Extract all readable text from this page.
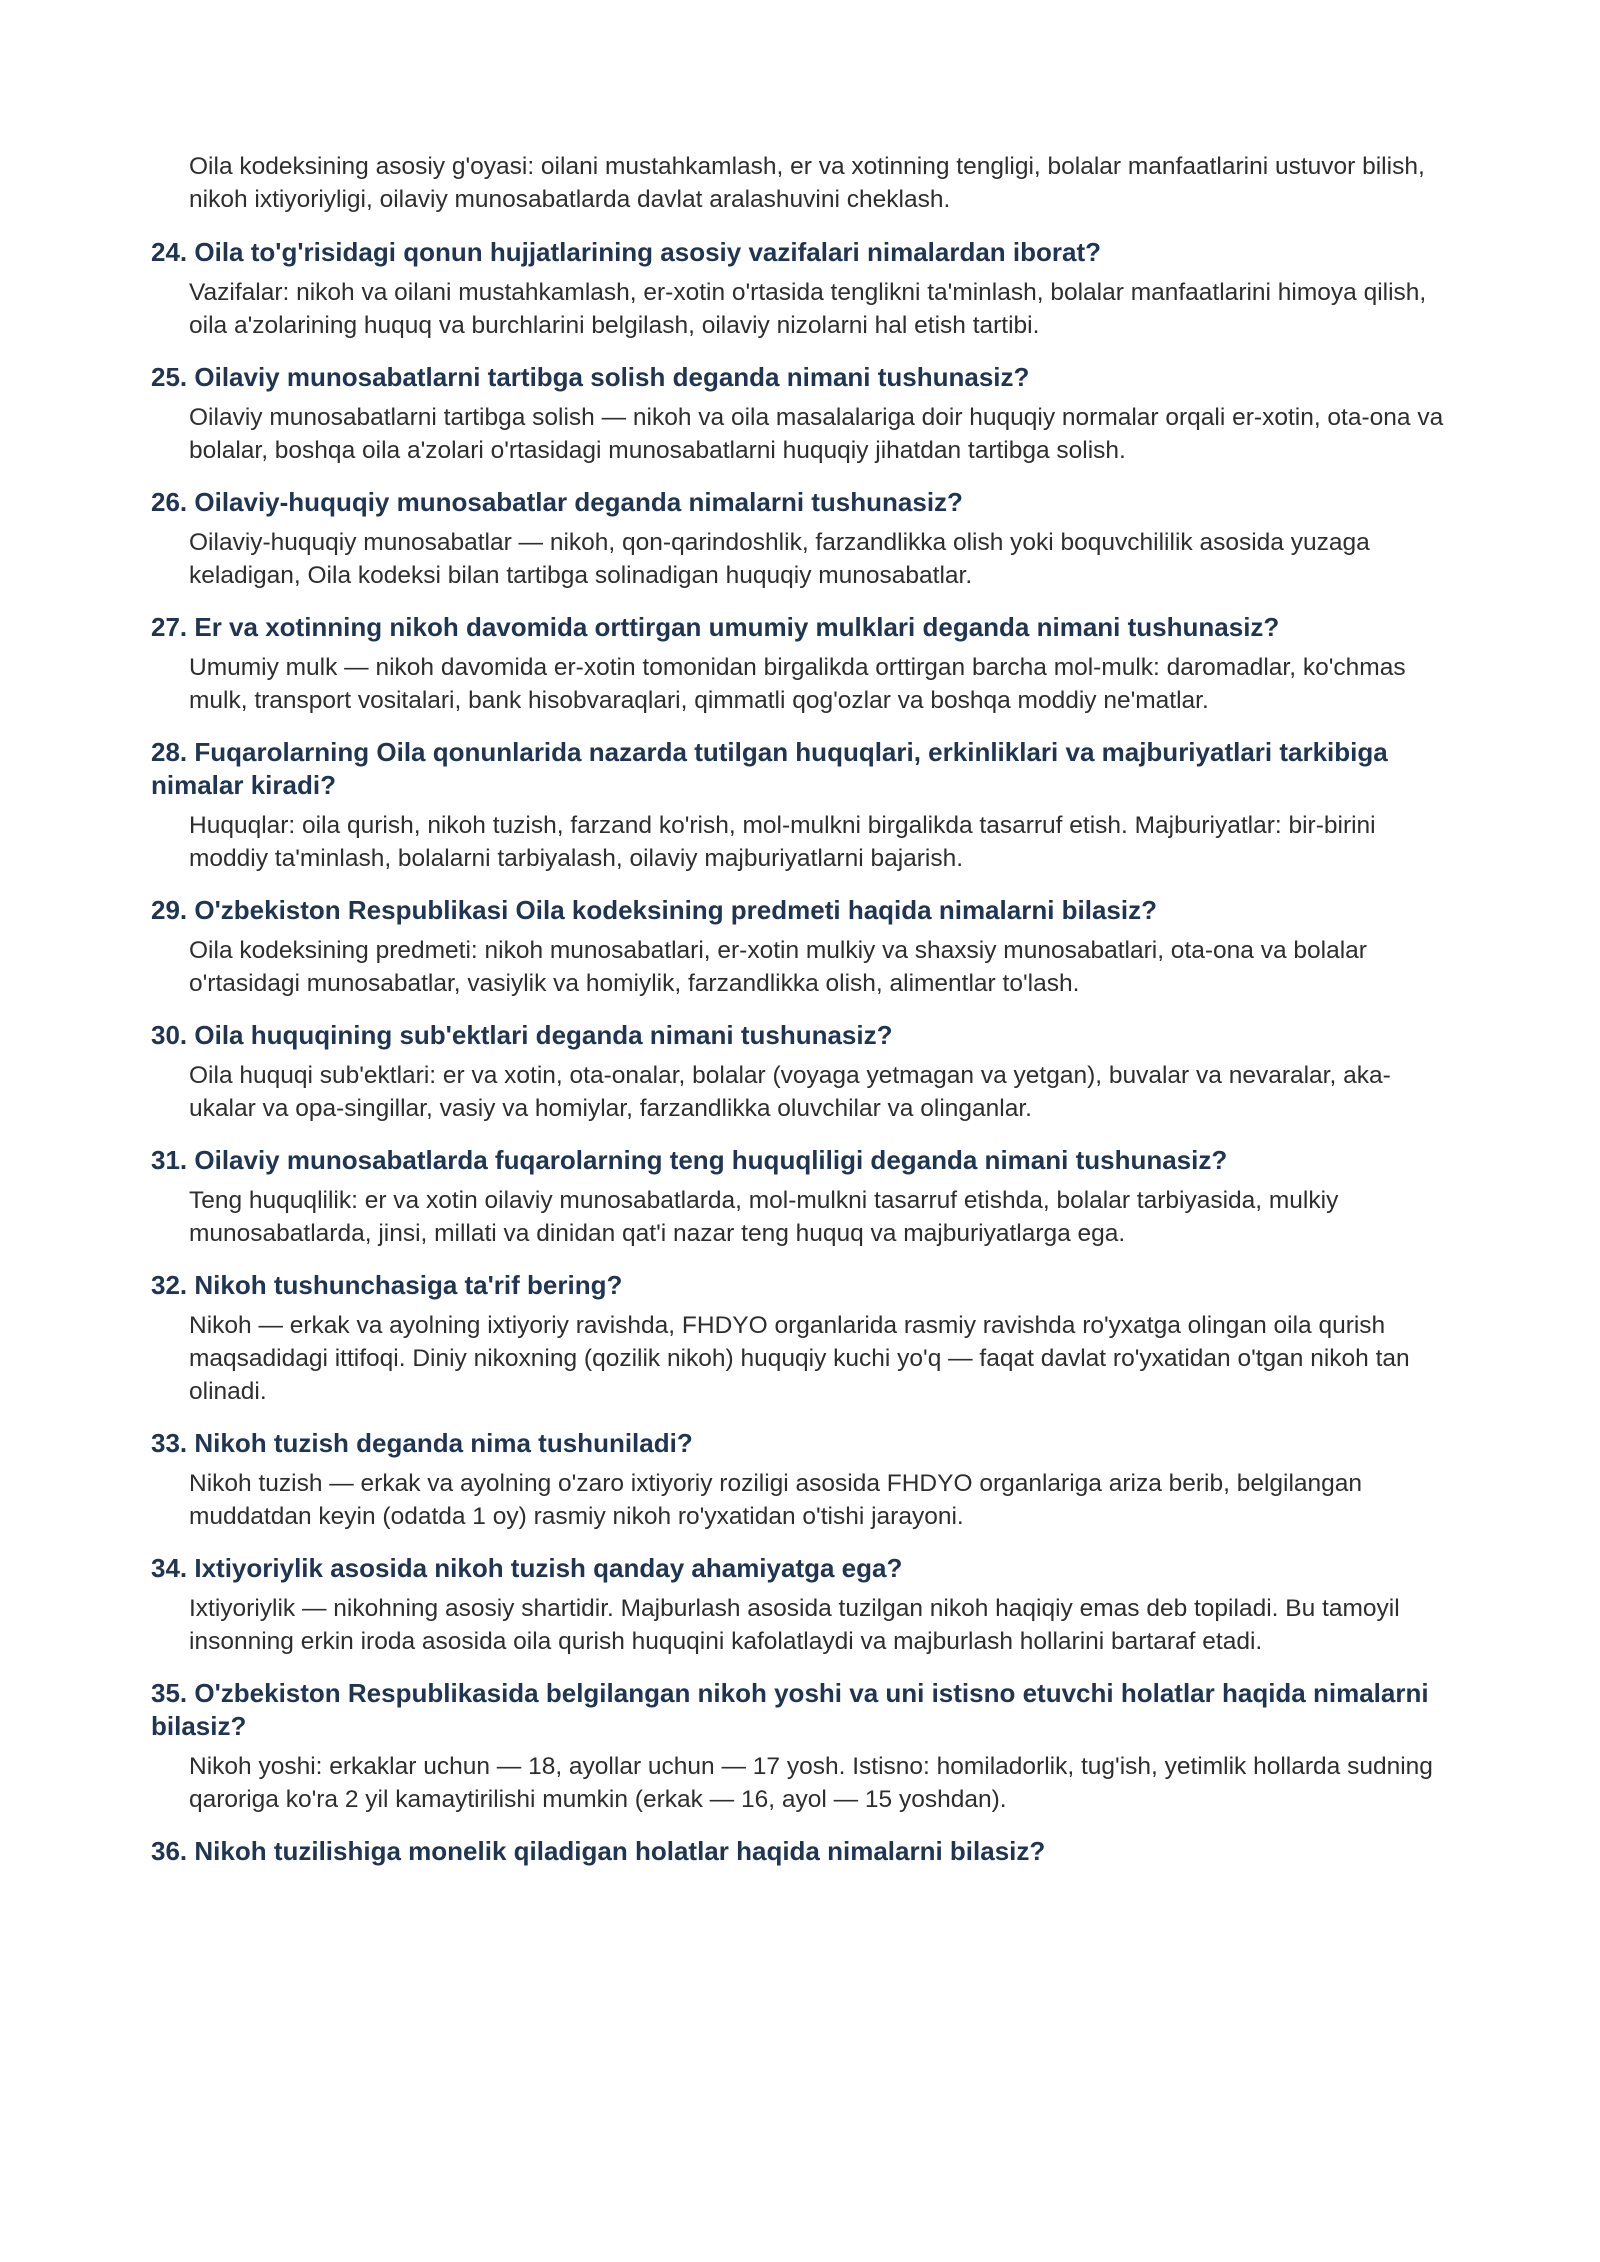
Oila kodeksining asosiy g'oyasi: oilani mustahkamlash, er va xotinning tengligi, bolalar manfaatlarini ustuvor bilish, nikoh ixtiyoriyligi, oilaviy munosabatlarda davlat aralashuvini cheklash.
24. Oila to'g'risidagi qonun hujjatlarining asosiy vazifalari nimalardan iborat?
Vazifalar: nikoh va oilani mustahkamlash, er-xotin o'rtasida tenglikni ta'minlash, bolalar manfaatlarini himoya qilish, oila a'zolarining huquq va burchlarini belgilash, oilaviy nizolarni hal etish tartibi.
25. Oilaviy munosabatlarni tartibga solish deganda nimani tushunasiz?
Oilaviy munosabatlarni tartibga solish — nikoh va oila masalalariga doir huquqiy normalar orqali er-xotin, ota-ona va bolalar, boshqa oila a'zolari o'rtasidagi munosabatlarni huquqiy jihatdan tartibga solish.
26. Oilaviy-huquqiy munosabatlar deganda nimalarni tushunasiz?
Oilaviy-huquqiy munosabatlar — nikoh, qon-qarindoshlik, farzandlikka olish yoki boquvchililik asosida yuzaga keladigan, Oila kodeksi bilan tartibga solinadigan huquqiy munosabatlar.
27. Er va xotinning nikoh davomida orttirgan umumiy mulklari deganda nimani tushunasiz?
Umumiy mulk — nikoh davomida er-xotin tomonidan birgalikda orttirgan barcha mol-mulk: daromadlar, ko'chmas mulk, transport vositalari, bank hisobvaraqlari, qimmatli qog'ozlar va boshqa moddiy ne'matlar.
28. Fuqarolarning Oila qonunlarida nazarda tutilgan huquqlari, erkinliklari va majburiyatlari tarkibiga nimalar kiradi?
Huquqlar: oila qurish, nikoh tuzish, farzand ko'rish, mol-mulkni birgalikda tasarruf etish. Majburiyatlar: bir-birini moddiy ta'minlash, bolalarni tarbiyalash, oilaviy majburiyatlarni bajarish.
29. O'zbekiston Respublikasi Oila kodeksining predmeti haqida nimalarni bilasiz?
Oila kodeksining predmeti: nikoh munosabatlari, er-xotin mulkiy va shaxsiy munosabatlari, ota-ona va bolalar o'rtasidagi munosabatlar, vasiylik va homiylik, farzandlikka olish, alimentlar to'lash.
30. Oila huquqining sub'ektlari deganda nimani tushunasiz?
Oila huquqi sub'ektlari: er va xotin, ota-onalar, bolalar (voyaga yetmagan va yetgan), buvalar va nevaralar, aka-ukalar va opa-singillar, vasiy va homiylar, farzandlikka oluvchilar va olinganlar.
31. Oilaviy munosabatlarda fuqarolarning teng huquqliligi deganda nimani tushunasiz?
Teng huquqlilik: er va xotin oilaviy munosabatlarda, mol-mulkni tasarruf etishda, bolalar tarbiyasida, mulkiy munosabatlarda, jinsi, millati va dinidan qat'i nazar teng huquq va majburiyatlarga ega.
32. Nikoh tushunchasiga ta'rif bering?
Nikoh — erkak va ayolning ixtiyoriy ravishda, FHDYO organlarida rasmiy ravishda ro'yxatga olingan oila qurish maqsadidagi ittifoqi. Diniy nikoxning (qozilik nikoh) huquqiy kuchi yo'q — faqat davlat ro'yxatidan o'tgan nikoh tan olinadi.
33. Nikoh tuzish deganda nima tushuniladi?
Nikoh tuzish — erkak va ayolning o'zaro ixtiyoriy roziligi asosida FHDYO organlariga ariza berib, belgilangan muddatdan keyin (odatda 1 oy) rasmiy nikoh ro'yxatidan o'tishi jarayoni.
34. Ixtiyoriylik asosida nikoh tuzish qanday ahamiyatga ega?
Ixtiyoriylik — nikohning asosiy shartidir. Majburlash asosida tuzilgan nikoh haqiqiy emas deb topiladi. Bu tamoyil insonning erkin iroda asosida oila qurish huquqini kafolatlaydi va majburlash hollarini bartaraf etadi.
35. O'zbekiston Respublikasida belgilangan nikoh yoshi va uni istisno etuvchi holatlar haqida nimalarni bilasiz?
Nikoh yoshi: erkaklar uchun — 18, ayollar uchun — 17 yosh. Istisno: homiladorlik, tug'ish, yetimlik hollarda sudning qaroriga ko'ra 2 yil kamaytirilishi mumkin (erkak — 16, ayol — 15 yoshdan).
36. Nikoh tuzilishiga monelik qiladigan holatlar haqida nimalarni bilasiz?
